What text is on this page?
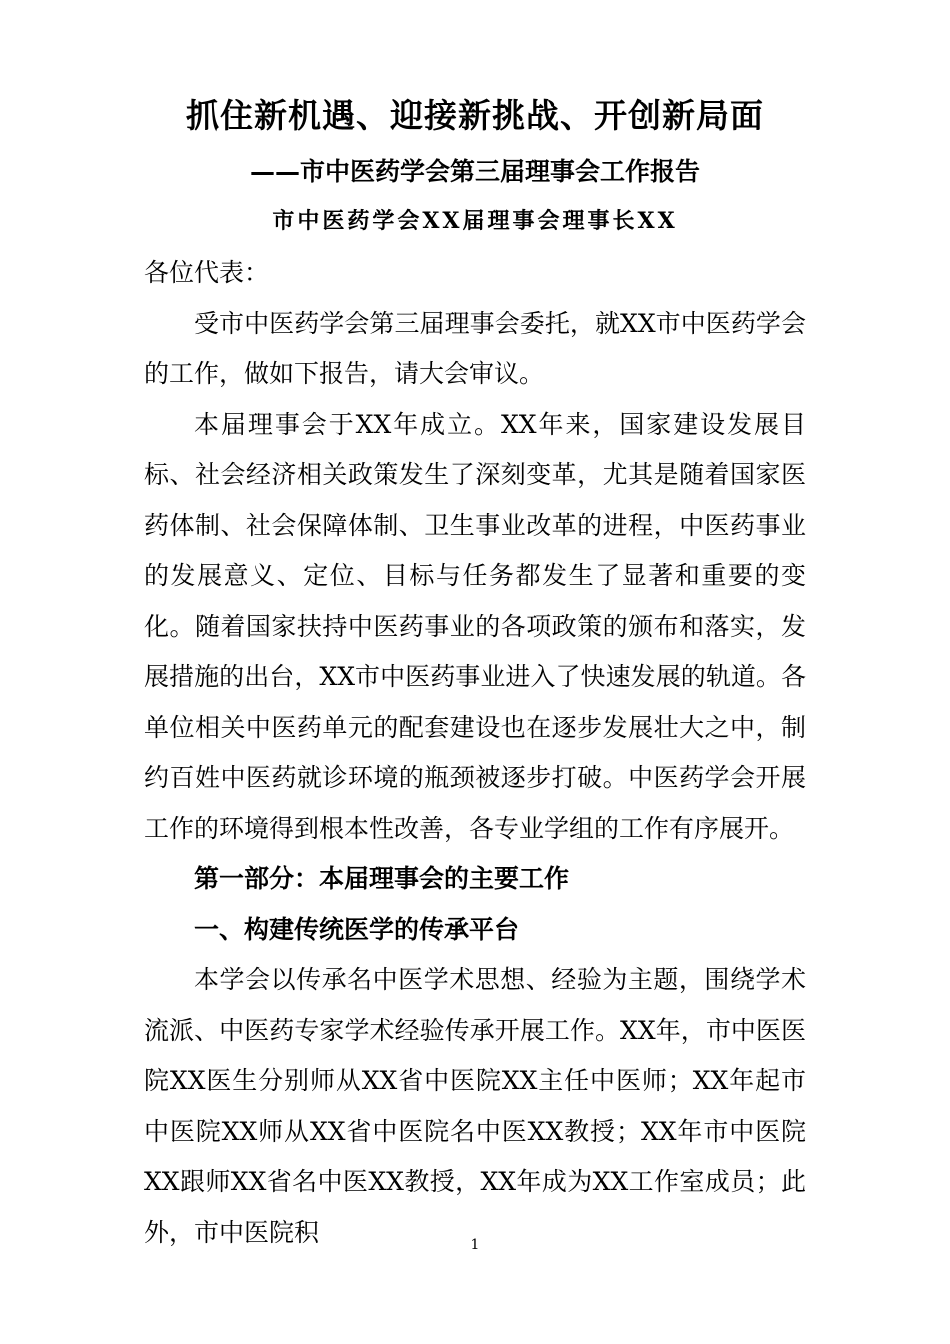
抓住新机遇、迎接新挑战、开创新局面
——市中医药学会第三届理事会工作报告
市中医药学会XX届理事会理事长XX

各位代表：

受市中医药学会第三届理事会委托，就XX市中医药学会的工作，做如下报告，请大会审议。

本届理事会于XX年成立。XX年来，国家建设发展目标、社会经济相关政策发生了深刻变革，尤其是随着国家医药体制、社会保障体制、卫生事业改革的进程，中医药事业的发展意义、定位、目标与任务都发生了显著和重要的变化。随着国家扶持中医药事业的各项政策的颁布和落实，发展措施的出台，XX市中医药事业进入了快速发展的轨道。各单位相关中医药单元的配套建设也在逐步发展壮大之中，制约百姓中医药就诊环境的瓶颈被逐步打破。中医药学会开展工作的环境得到根本性改善，各专业学组的工作有序展开。

第一部分：本届理事会的主要工作

一、构建传统医学的传承平台

本学会以传承名中医学术思想、经验为主题，围绕学术流派、中医药专家学术经验传承开展工作。XX年，市中医医院XX医生分别师从XX省中医院XX主任中医师；XX年起市中医院XX师从XX省中医院名中医XX教授；XX年市中医院XX跟师XX省名中医XX教授，XX年成为XX工作室成员；此外，市中医院积	1
